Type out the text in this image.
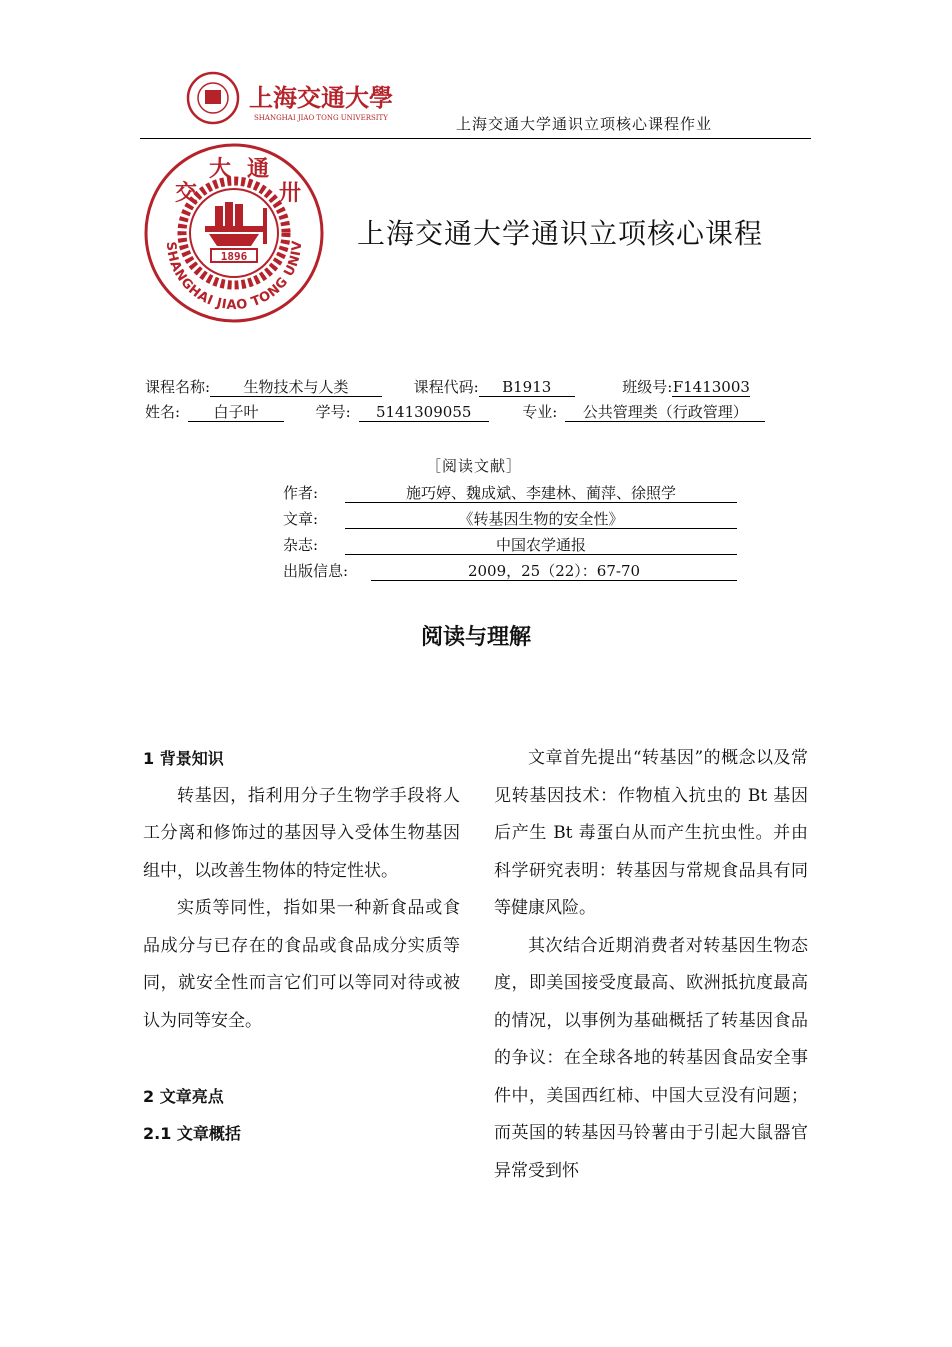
上海交通大學
SHANGHAI JIAO TONG UNIVERSITY	上海交通大学通识立项核心课程作业
SHANGHAI JIAO TONG UNIV
交
大 通
卅
1896
上海交通大学通识立项核心课程
课程名称: 生物技术与人类	课程代码: B1913	班级号:F1413003
姓名: 白子叶	学号: 5141309055	专业: 公共管理类（行政管理）
［阅读文献］
作者:	施巧婷、魏成斌、李建林、蔺萍、徐照学
文章:	《转基因生物的安全性》
杂志:	中国农学通报
出版信息:	2009，25（22）：67-70
阅读与理解
1 背景知识

转基因，指利用分子生物学手段将人工分离和修饰过的基因导入受体生物基因组中，以改善生物体的特定性状。

实质等同性，指如果一种新食品或食品成分与已存在的食品或食品成分实质等同，就安全性而言它们可以等同对待或被认为同等安全。

2 文章亮点
2.1 文章概括

文章首先提出“转基因”的概念以及常见转基因技术：作物植入抗虫的 Bt 基因后产生 Bt 毒蛋白从而产生抗虫性。并由科学研究表明：转基因与常规食品具有同等健康风险。

其次结合近期消费者对转基因生物态度，即美国接受度最高、欧洲抵抗度最高的情况，以事例为基础概括了转基因食品的争议：在全球各地的转基因食品安全事件中，美国西红柿、中国大豆没有问题；而英国的转基因马铃薯由于引起大鼠器官异常受到怀
